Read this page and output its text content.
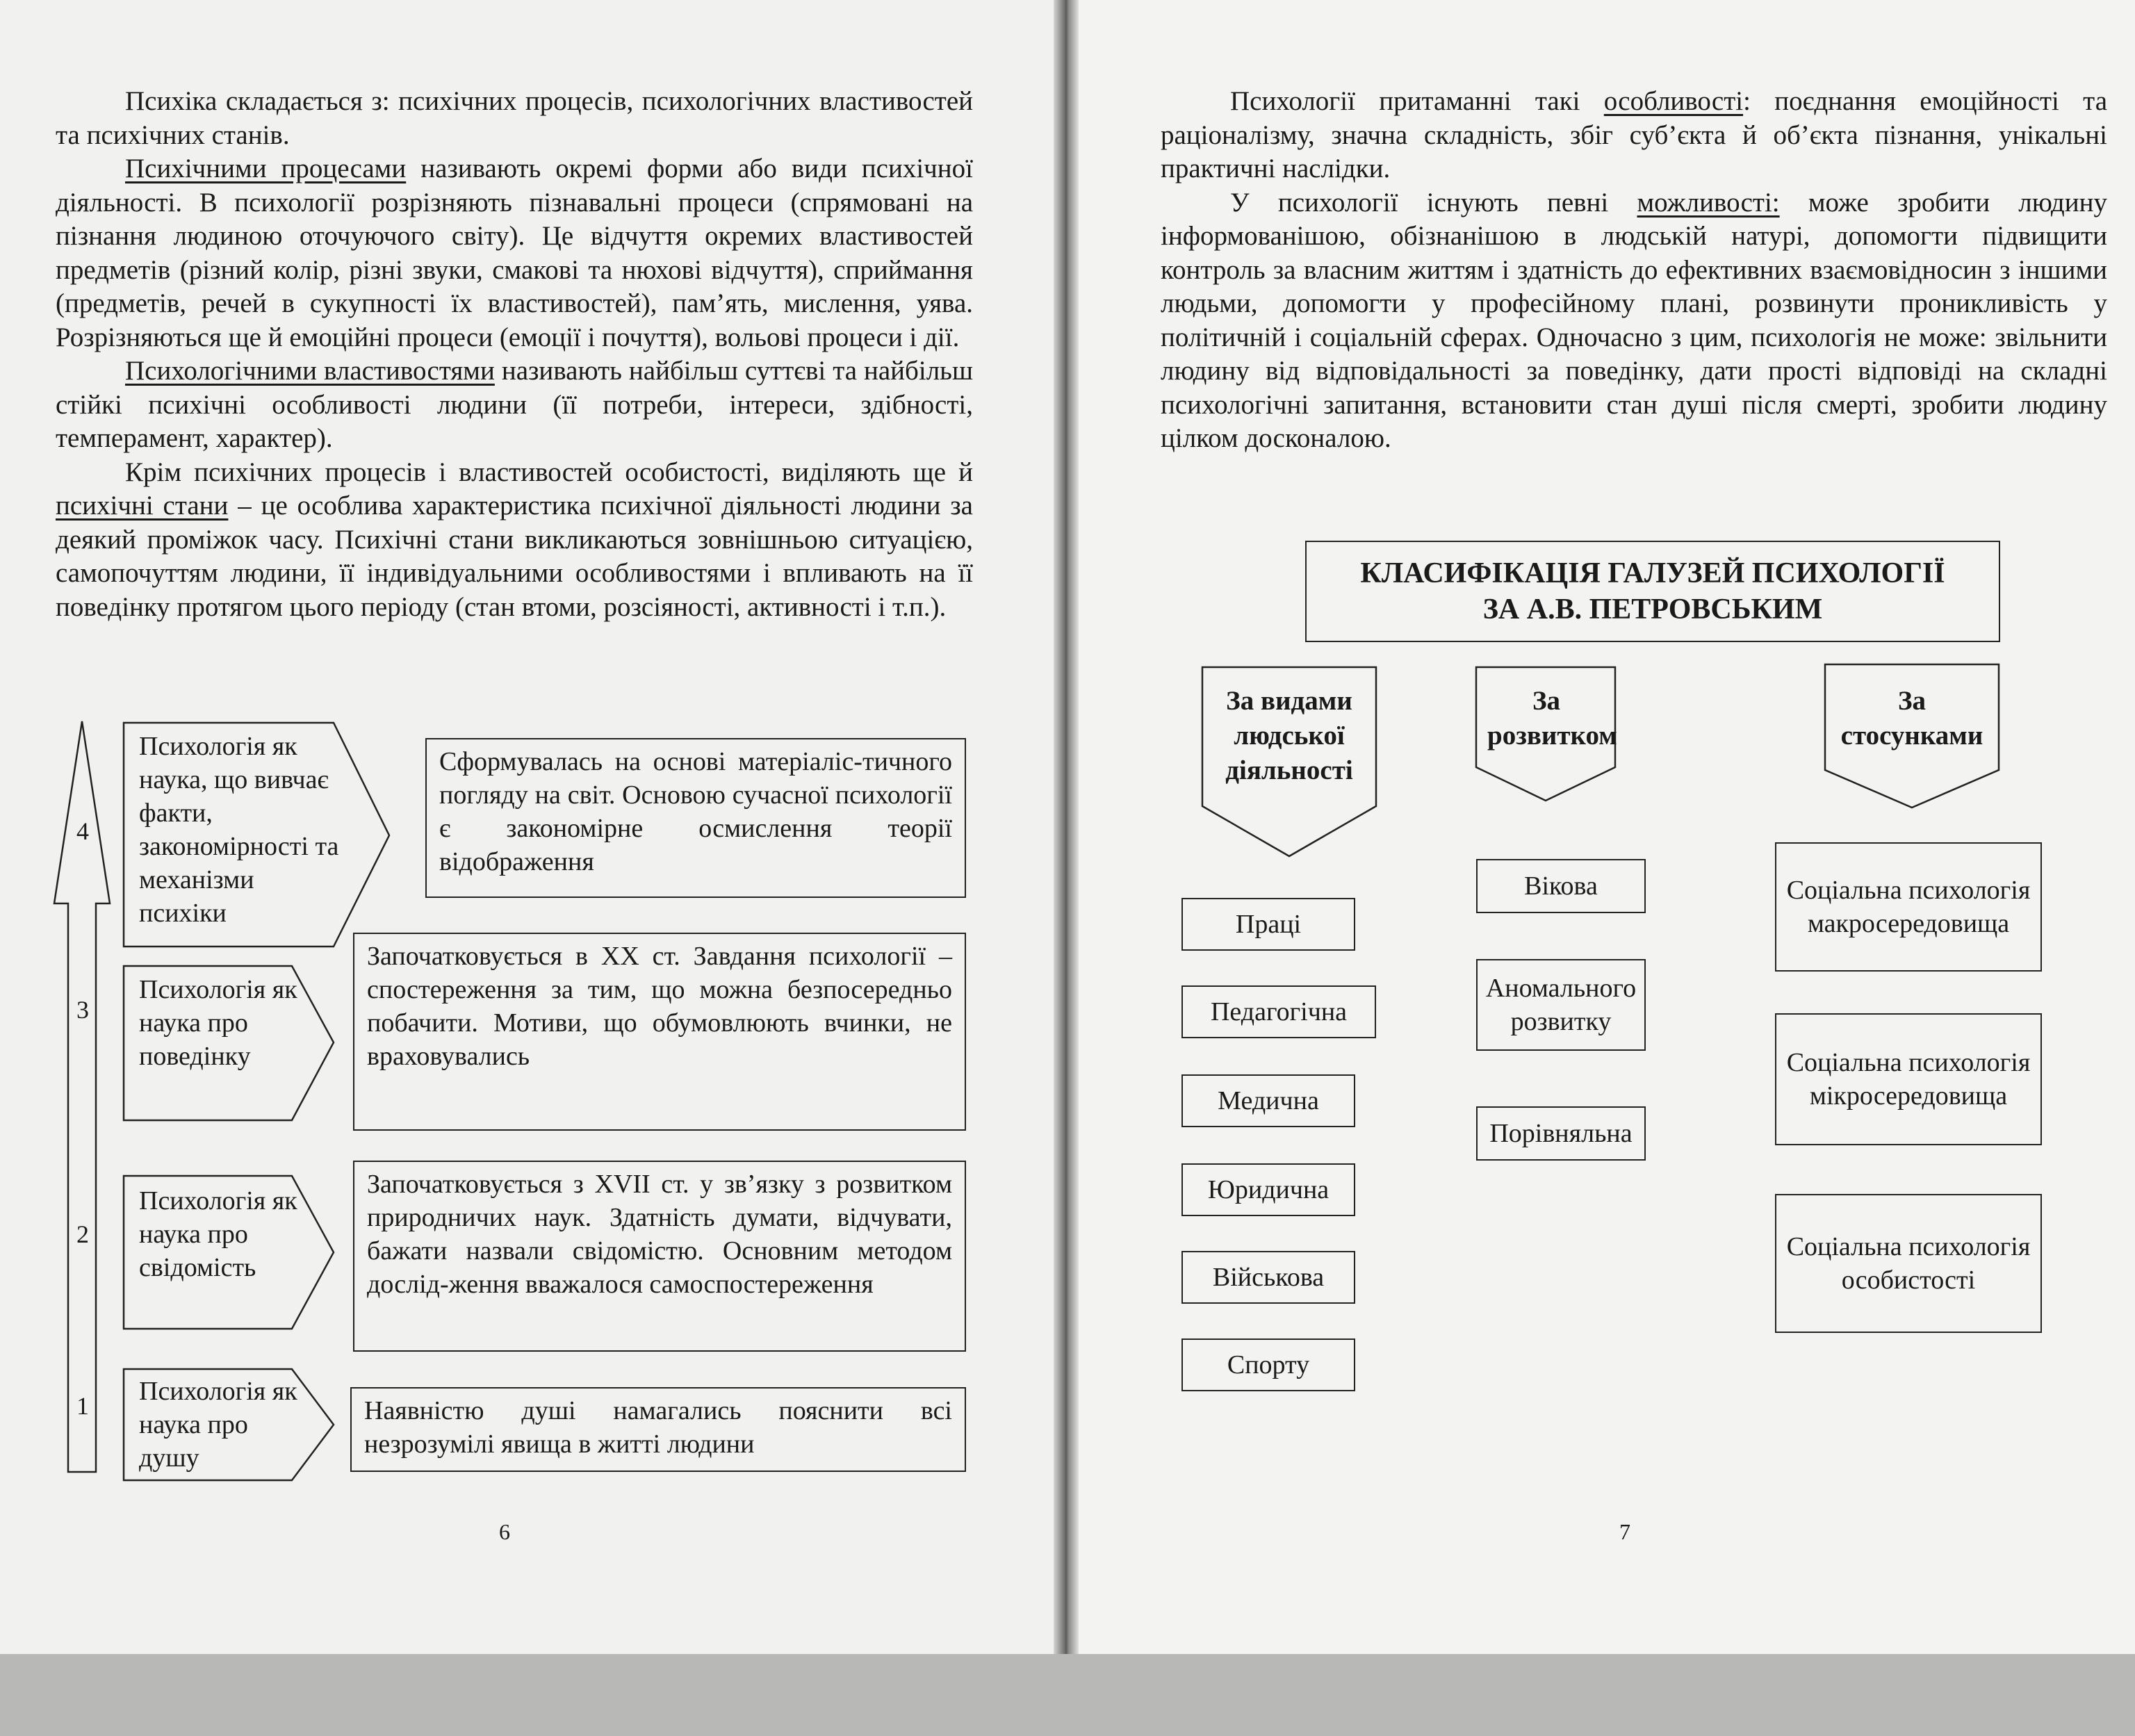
Психіка складається з: психічних процесів, психологічних властивостей та психічних станів.

Психічними процесами називають окремі форми або види психічної діяльності. В психології розрізняють пізнавальні процеси (спрямовані на пізнання людиною оточуючого світу). Це відчуття окремих властивостей предметів (різний колір, різні звуки, смакові та нюхові відчуття), сприймання (предметів, речей в сукупності їх властивостей), пам’ять, мислення, уява. Розрізняються ще й емоційні процеси (емоції і почуття), вольові процеси і дії.

Психологічними властивостями називають найбільш суттєві та найбільш стійкі психічні особливості людини (її потреби, інтереси, здібності, темперамент, характер).

Крім психічних процесів і властивостей особистості, виділяють ще й психічні стани – це особлива характеристика психічної діяльності людини за деякий проміжок часу. Психічні стани викликаються зовнішньою ситуацією, самопочуттям людини, її індивідуальними особливостями і впливають на її поведінку протягом цього періоду (стан втоми, розсіяності, активності і т.п.).

4
3
2
1
Психологія як наука, що вивчає факти, закономірності та механізми психіки
Психологія як наука про поведінку
Психологія як наука про свідомість
Психологія як наука про душу
Сформувалась на основі матеріаліс-тичного погляду на світ. Основою сучасної психології є закономірне осмислення теорії відображення
Започатковується в XX ст. Завдання психології – спостереження за тим, що можна безпосередньо побачити. Мотиви, що обумовлюють вчинки, не враховувались
Започатковується з XVII ст. у зв’язку з розвитком природничих наук. Здатність думати, відчувати, бажати назвали свідомістю. Основним методом дослід-ження вважалося самоспостереження
Наявністю душі намагались пояснити всі незрозумілі явища в житті людини
6

Психології притаманні такі особливості: поєднання емоційності та раціоналізму, значна складність, збіг суб’єкта й об’єкта пізнання, унікальні практичні наслідки.

У психології існують певні можливості: може зробити людину інформованішою, обізнанішою в людській натурі, допомогти підвищити контроль за власним життям і здатність до ефективних взаємовідносин з іншими людьми, допомогти у професійному плані, розвинути проникливість у політичній і соціальній сферах. Одночасно з цим, психологія не може: звільнити людину від відповідальності за поведінку, дати прості відповіді на складні психологічні запитання, встановити стан душі після смерті, зробити людину цілком досконалою.

КЛАСИФІКАЦІЯ ГАЛУЗЕЙ ПСИХОЛОГІЇ
ЗА А.В. ПЕТРОВСЬКИМ
За видами людської діяльності
За розвитком
За стосунками
Праці
Педагогічна
Медична
Юридична
Військова
Спорту
Вікова
Аномального розвитку
Порівняльна
Соціальна психологія макросередовища
Соціальна психологія мікросередовища
Соціальна психологія особистості
7
